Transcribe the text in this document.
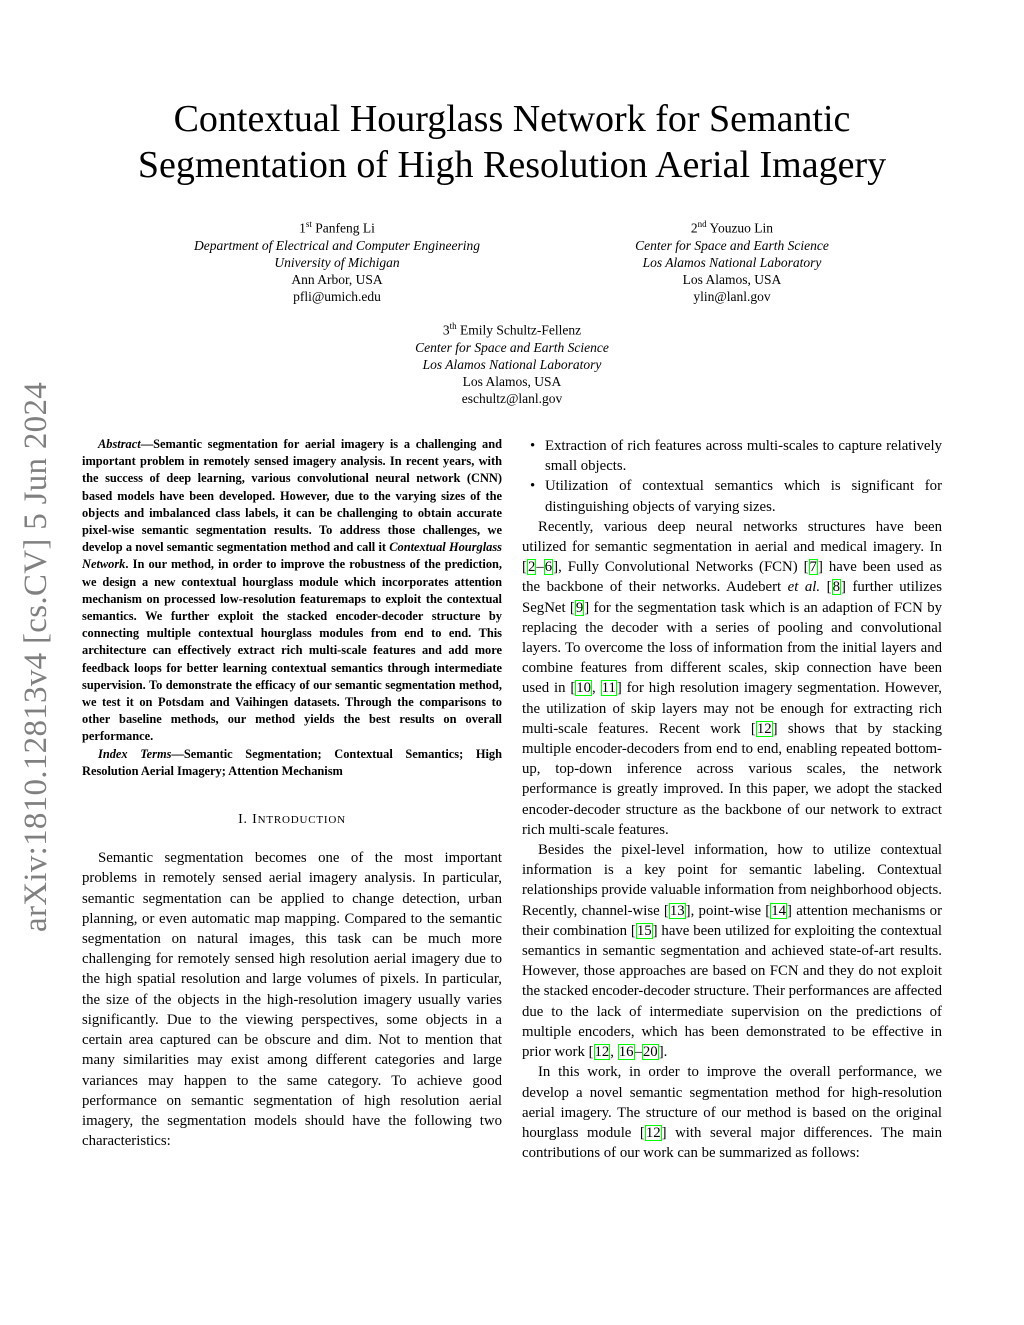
arXiv:1810.12813v4 [cs.CV] 5 Jun 2024
Contextual Hourglass Network for Semantic
Segmentation of High Resolution Aerial Imagery
1st Panfeng Li
Department of Electrical and Computer Engineering
University of Michigan
Ann Arbor, USA
pfli@umich.edu
2nd Youzuo Lin
Center for Space and Earth Science
Los Alamos National Laboratory
Los Alamos, USA
ylin@lanl.gov
3th Emily Schultz-Fellenz
Center for Space and Earth Science
Los Alamos National Laboratory
Los Alamos, USA
eschultz@lanl.gov

Abstract—Semantic segmentation for aerial imagery is a challenging and important problem in remotely sensed imagery analysis. In recent years, with the success of deep learning, various convolutional neural network (CNN) based models have been developed. However, due to the varying sizes of the objects and imbalanced class labels, it can be challenging to obtain accurate pixel-wise semantic segmentation results. To address those challenges, we develop a novel semantic segmentation method and call it Contextual Hourglass Network. In our method, in order to improve the robustness of the prediction, we design a new contextual hourglass module which incorporates attention mechanism on processed low-resolution featuremaps to exploit the contextual semantics. We further exploit the stacked encoder-decoder structure by connecting multiple contextual hourglass modules from end to end. This architecture can effectively extract rich multi-scale features and add more feedback loops for better learning contextual semantics through intermediate supervision. To demonstrate the efficacy of our semantic segmentation method, we test it on Potsdam and Vaihingen datasets. Through the comparisons to other baseline methods, our method yields the best results on overall performance.

Index Terms—Semantic Segmentation; Contextual Semantics; High Resolution Aerial Imagery; Attention Mechanism

I. INTRODUCTION

Semantic segmentation becomes one of the most important problems in remotely sensed aerial imagery analysis. In particular, semantic segmentation can be applied to change detection, urban planning, or even automatic map mapping. Compared to the semantic segmentation on natural images, this task can be much more challenging for remotely sensed high resolution aerial imagery due to the high spatial resolution and large volumes of pixels. In particular, the size of the objects in the high-resolution imagery usually varies significantly. Due to the viewing perspectives, some objects in a certain area captured can be obscure and dim. Not to mention that many similarities may exist among different categories and large variances may happen to the same category. To achieve good performance on semantic segmentation of high resolution aerial imagery, the segmentation models should have the following two characteristics:

• Extraction of rich features across multi-scales to capture relatively small objects.
• Utilization of contextual semantics which is significant for distinguishing objects of varying sizes.

Recently, various deep neural networks structures have been utilized for semantic segmentation in aerial and medical imagery. In [2–6], Fully Convolutional Networks (FCN) [7] have been used as the backbone of their networks. Audebert et al. [8] further utilizes SegNet [9] for the segmentation task which is an adaption of FCN by replacing the decoder with a series of pooling and convolutional layers. To overcome the loss of information from the initial layers and combine features from different scales, skip connection have been used in [10, 11] for high resolution imagery segmentation. However, the utilization of skip layers may not be enough for extracting rich multi-scale features. Recent work [12] shows that by stacking multiple encoder-decoders from end to end, enabling repeated bottom-up, top-down inference across various scales, the network performance is greatly improved. In this paper, we adopt the stacked encoder-decoder structure as the backbone of our network to extract rich multi-scale features.

Besides the pixel-level information, how to utilize contextual information is a key point for semantic labeling. Contextual relationships provide valuable information from neighborhood objects. Recently, channel-wise [13], point-wise [14] attention mechanisms or their combination [15] have been utilized for exploiting the contextual semantics in semantic segmentation and achieved state-of-art results. However, those approaches are based on FCN and they do not exploit the stacked encoder-decoder structure. Their performances are affected due to the lack of intermediate supervision on the predictions of multiple encoders, which has been demonstrated to be effective in prior work [12, 16–20].

In this work, in order to improve the overall performance, we develop a novel semantic segmentation method for high-resolution aerial imagery. The structure of our method is based on the original hourglass module [12] with several major differences. The main contributions of our work can be summarized as follows:
